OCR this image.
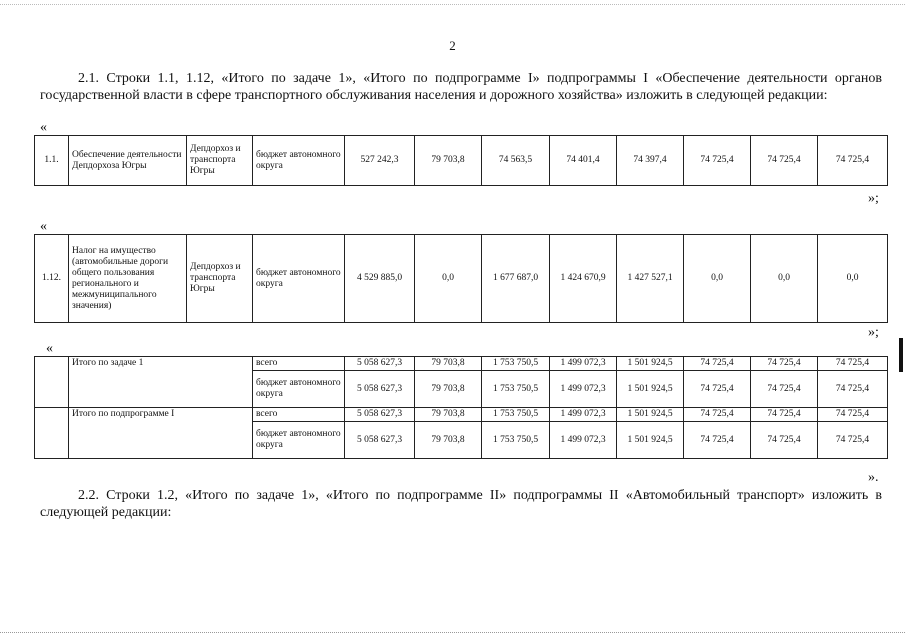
2
2.1. Строки 1.1, 1.12, «Итого по задаче 1», «Итого по подпрограмме I» подпрограммы I «Обеспечение деятельности органов государственной власти в сфере транспортного обслуживания населения и дорожного хозяйства» изложить в следующей редакции:
«
1.1.	Обеспечение деятельности Депдорхоза Югры	Депдорхоз и транспорта Югры	бюджет автономного округа	527 242,3	79 703,8	74 563,5	74 401,4	74 397,4	74 725,4	74 725,4	74 725,4
»;
«
1.12.	Налог на имущество (автомобильные дороги общего пользования регионального и межмуниципального значения)	Депдорхоз и транспорта Югры	бюджет автономного округа	4 529 885,0	0,0	1 677 687,0	1 424 670,9	1 427 527,1	0,0	0,0	0,0
»;
«
	Итого по задаче 1	всего	5 058 627,3	79 703,8	1 753 750,5	1 499 072,3	1 501 924,5	74 725,4	74 725,4	74 725,4
		бюджет автономного округа	5 058 627,3	79 703,8	1 753 750,5	1 499 072,3	1 501 924,5	74 725,4	74 725,4	74 725,4
	Итого по подпрограмме I	всего	5 058 627,3	79 703,8	1 753 750,5	1 499 072,3	1 501 924,5	74 725,4	74 725,4	74 725,4
		бюджет автономного округа	5 058 627,3	79 703,8	1 753 750,5	1 499 072,3	1 501 924,5	74 725,4	74 725,4	74 725,4
».
2.2. Строки 1.2, «Итого по задаче 1», «Итого по подпрограмме II» подпрограммы II «Автомобильный транспорт» изложить в следующей редакции:
